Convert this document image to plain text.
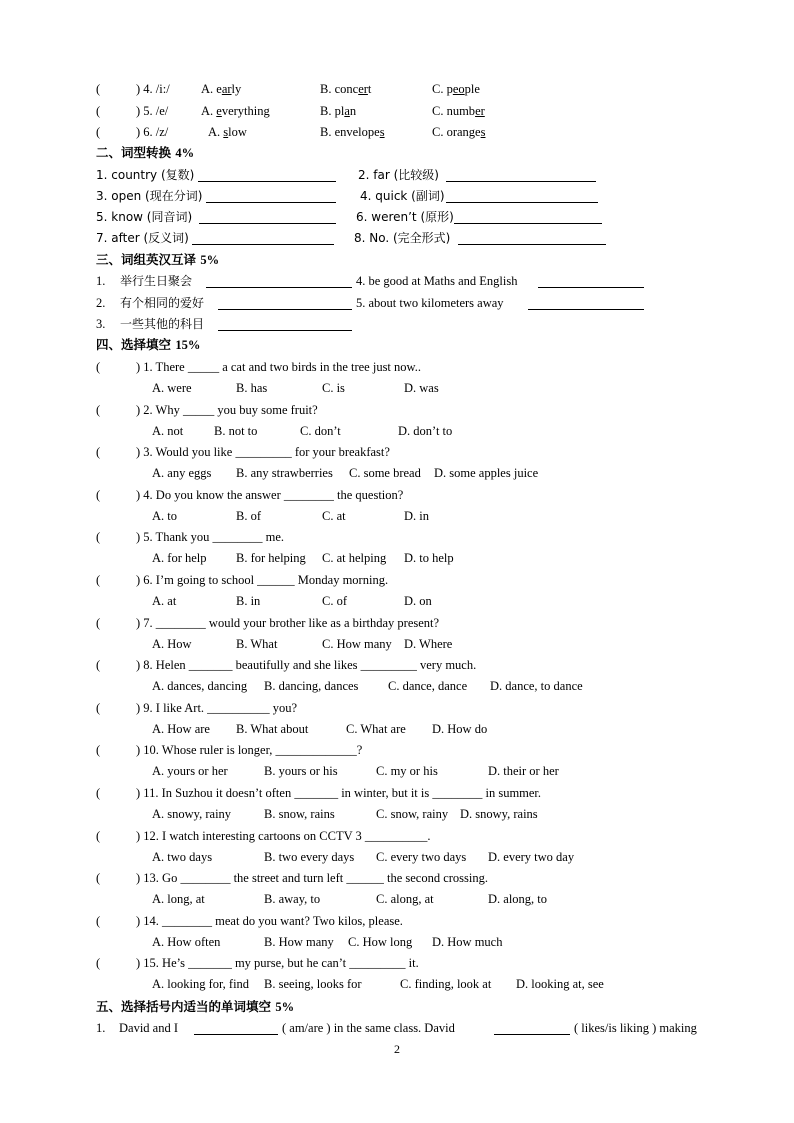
(	) 4. /i:/	A. early	B. concert	C. people
(	) 5. /e/	A. everything	B. plan	C. number
(	) 6. /z/	A. slow	B. envelopes	C. oranges
二、词型转换 4%
1. country (复数)	2. far (比较级)
3. open (现在分词)	4. quick (副词)
5. know (同音词)	6. weren’t (原形)
7. after (反义词)	8. No. (完全形式)
三、词组英汉互译 5%
1. 举行生日聚会	4. be good at Maths and English
2. 有个相同的爱好	5. about two kilometers away
3. 一些其他的科目
四、选择填空 15%
(	) 1. There _____ a cat and two birds in the tree just now..
A. were	B. has	C. is	D. was
(	) 2. Why _____ you buy some fruit?
A. not B. not to	C. don’t	D. don’t to
(	) 3. Would you like _________ for your breakfast?
A. any eggs B. any strawberries C. some bread D. some apples juice
(	) 4. Do you know the answer ________ the question?
A. to	B. of	C. at	D. in
(	) 5. Thank you ________ me.
A. for help B. for helping C. at helping D. to help
(	) 6. I’m going to school ______ Monday morning.
A. at	B. in	C. of	D. on
(	) 7. ________ would your brother like as a birthday present?
A. How	B. What	C. How many D. Where
(	) 8. Helen _______ beautifully and she likes _________ very much.
A. dances, dancing B. dancing, dances C. dance, dance D. dance, to dance
(	) 9. I like Art. __________ you?
A. How are B. What about	C. What are D. How do
(	) 10. Whose ruler is longer, _____________?
A. yours or her	B. yours or his	C. my or his	D. their or her
(	) 11. In Suzhou it doesn’t often _______ in winter, but it is ________ in summer.
A. snowy, rainy	B. snow, rains	C. snow, rainy D. snowy, rains
(	) 12. I watch interesting cartoons on CCTV 3 __________.
A. two days	B. two every days C. every two days D. every two day
(	) 13. Go ________ the street and turn left ______ the second crossing.
A. long, at	B. away, to	C. along, at	D. along, to
(	) 14. ________ meat do you want? Two kilos, please.
A. How often	B. How many C. How long D. How much
(	) 15. He’s _______ my purse, but he can’t _________ it.
A. looking for, find B. seeing, looks for	C. finding, look at D. looking at, see
五、选择括号内适当的单词填空 5%
1. David and I	( am/are ) in the same class. David	( likes/is liking ) making
2
